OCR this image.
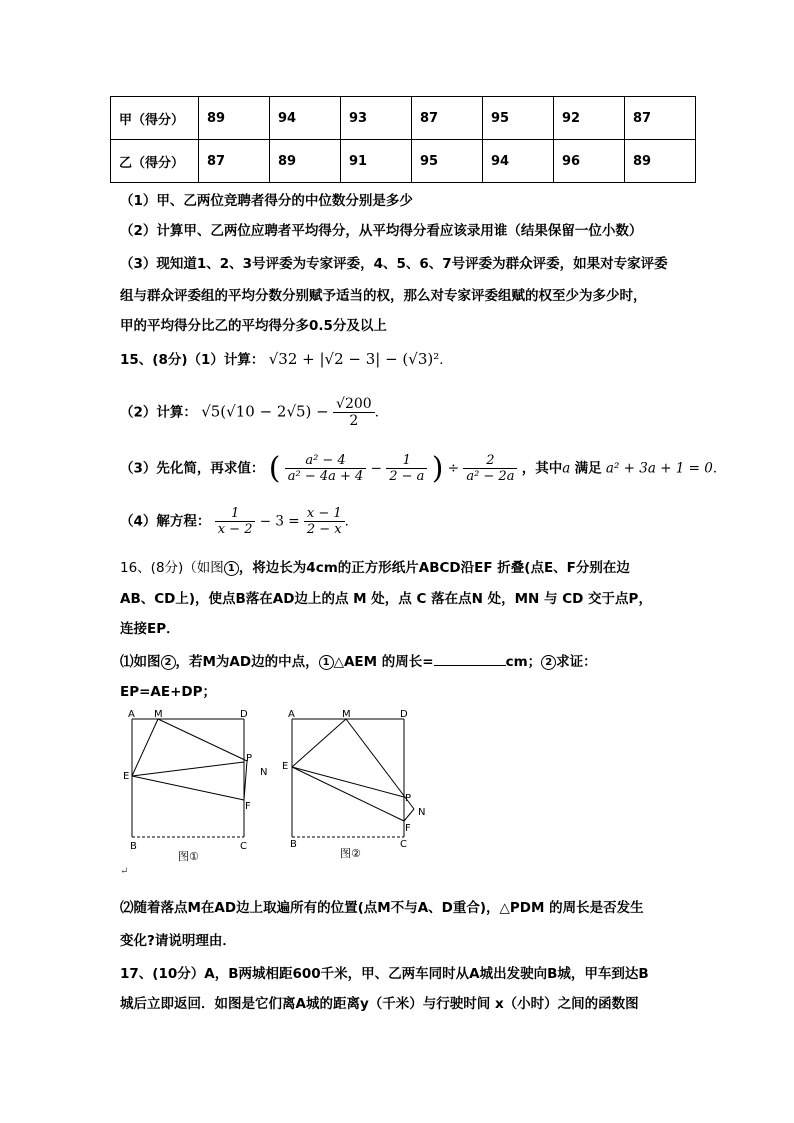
甲（得分）	89	94	93	87	95	92	87
乙（得分）	87	89	91	95	94	96	89
（1）甲、乙两位竞聘者得分的中位数分别是多少
（2）计算甲、乙两位应聘者平均得分，从平均得分看应该录用谁（结果保留一位小数）
（3）现知道1、2、3号评委为专家评委，4、5、6、7号评委为群众评委，如果对专家评委
组与群众评委组的平均分数分别赋予适当的权，那么对专家评委组赋的权至少为多少时，
甲的平均得分比乙的平均得分多0.5分及以上
15、(8分)（1）计算： √32 + |√2 − 3| − (√3)²．
（2）计算： $√5(√10 - 2√5) - \frac{√200}{2}$ ．
（3）先化简，再求值： ( $\frac{\text{a² − 4}}{\text{a² − 4a + 4}} - \frac{1}{2 - a}$ ) ÷ $\frac{2}{\text{a² − 2a}}$ ，其中a 满足 a² + 3a + 1 = 0．
（4）解方程： $\frac{1}{x - 2} - 3 = \frac{x - 1}{2 - x}$ ．
16、(8分)（如图 1 ，将边长为4cm的正方形纸片ABCD沿EF 折叠(点E、F分别在边
AB、CD上)，使点B落在AD边上的点 M 处，点 C 落在点N 处，MN 与 CD 交于点P，
连接EP．
⑴如图 2 ，若M为AD边的中点， 1 △AEM 的周长=	cm； 2 求证：
EP=AE+DP；
A M	D
E
P
N
F
B	C
图①
↵
A	M	D
E
P
N
F
B	C
图②
⑵随着落点M在AD边上取遍所有的位置(点M不与A、D重合)，△PDM 的周长是否发生
变化?请说明理由．
17、(10分）A，B两城相距600千米，甲、乙两车同时从A城出发驶向B城，甲车到达B
城后立即返回．如图是它们离A城的距离y（千米）与行驶时间 x（小时）之间的函数图
